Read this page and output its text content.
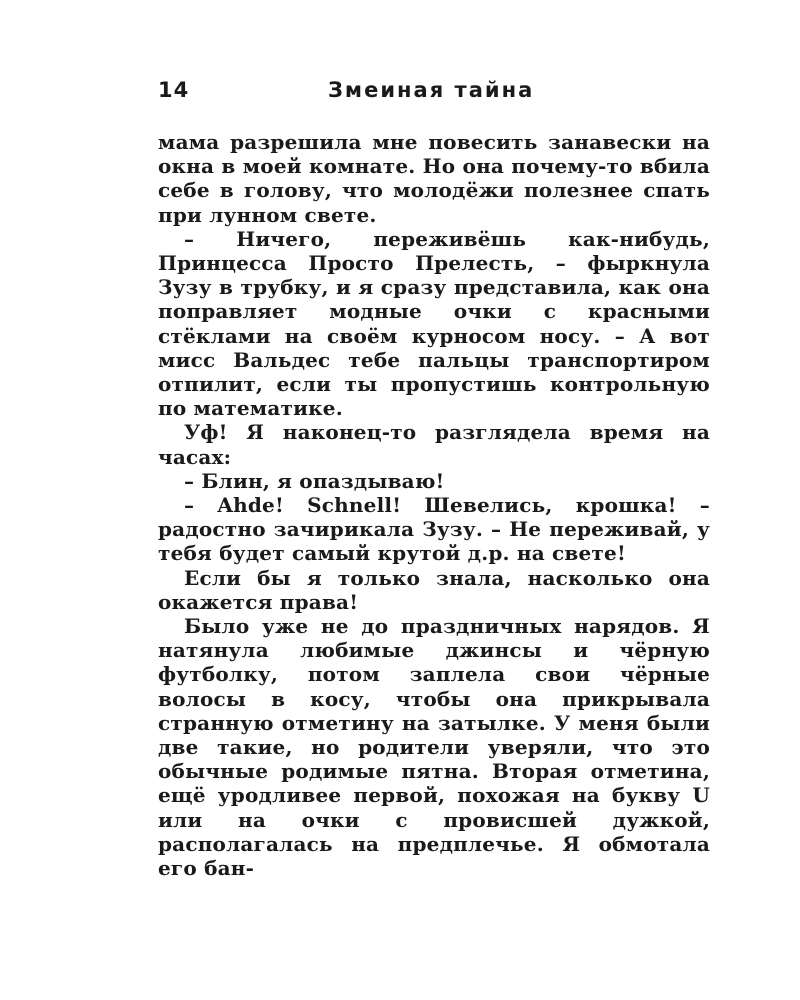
14	Змеиная тайна

мама разрешила мне повесить занавески на окна в моей комнате. Но она почему-то вбила себе в голову, что молодёжи полезнее спать при лунном свете.

– Ничего, переживёшь как-нибудь, Принцесса Просто Прелесть, – фыркнула Зузу в трубку, и я сразу представила, как она поправляет модные очки с красными стёклами на своём курносом носу. – А вот мисс Вальдес тебе пальцы транспортиром отпилит, если ты пропустишь контрольную по математике.

Уф! Я наконец-то разглядела время на часах:

– Блин, я опаздываю!

– Ahde! Schnell! Шевелись, крошка! – радостно зачирикала Зузу. – Не переживай, у тебя будет самый крутой д.р. на свете!

Если бы я только знала, насколько она окажется права!

Было уже не до праздничных нарядов. Я натянула любимые джинсы и чёрную футболку, потом заплела свои чёрные волосы в косу, чтобы она прикрывала странную отметину на затылке. У меня были две такие, но родители уверяли, что это обычные родимые пятна. Вторая отметина, ещё уродливее первой, похожая на букву U или на очки с провисшей дужкой, располагалась на предплечье. Я обмотала его бан-
